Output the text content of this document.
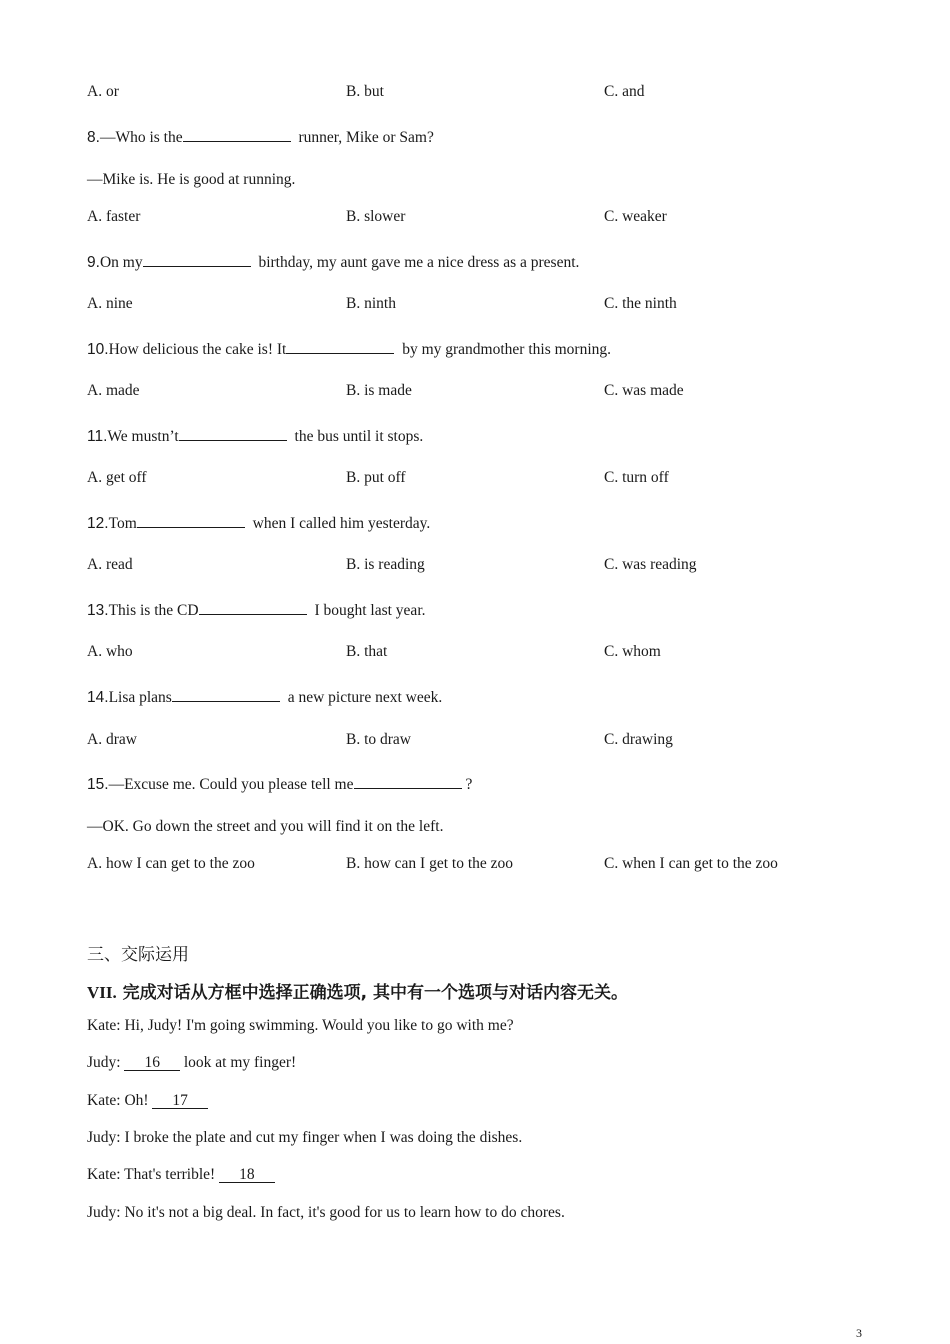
A. or	B. but	C. and
8.—Who is the	runner, Mike or Sam?
—Mike is. He is good at running.
A. faster	B. slower	C. weaker
9.On my	birthday, my aunt gave me a nice dress as a present.
A. nine	B. ninth	C. the ninth
10.How delicious the cake is! It	by my grandmother this morning.
A. made	B. is made	C. was made
11.We mustn’t	the bus until it stops.
A. get off	B. put off	C. turn off
12.Tom	when I called him yesterday.
A. read	B. is reading	C. was reading
13.This is the CD	I bought last year.
A. who	B. that	C. whom
14.Lisa plans	a new picture next week.
A. draw	B. to draw	C. drawing
15.—Excuse me. Could you please tell me	?
—OK. Go down the street and you will find it on the left.
A. how I can get to the zoo	B. how can I get to the zoo	C. when I can get to the zoo
三、交际运用
VII. 完成对话从方框中选择正确选项, 其中有一个选项与对话内容无关。
Kate: Hi, Judy! I'm going swimming. Would you like to go with me?
Judy: 16 look at my finger!
Kate: Oh! 17
Judy: I broke the plate and cut my finger when I was doing the dishes.
Kate: That's terrible! 18
Judy: No it's not a big deal. In fact, it's good for us to learn how to do chores.
3
